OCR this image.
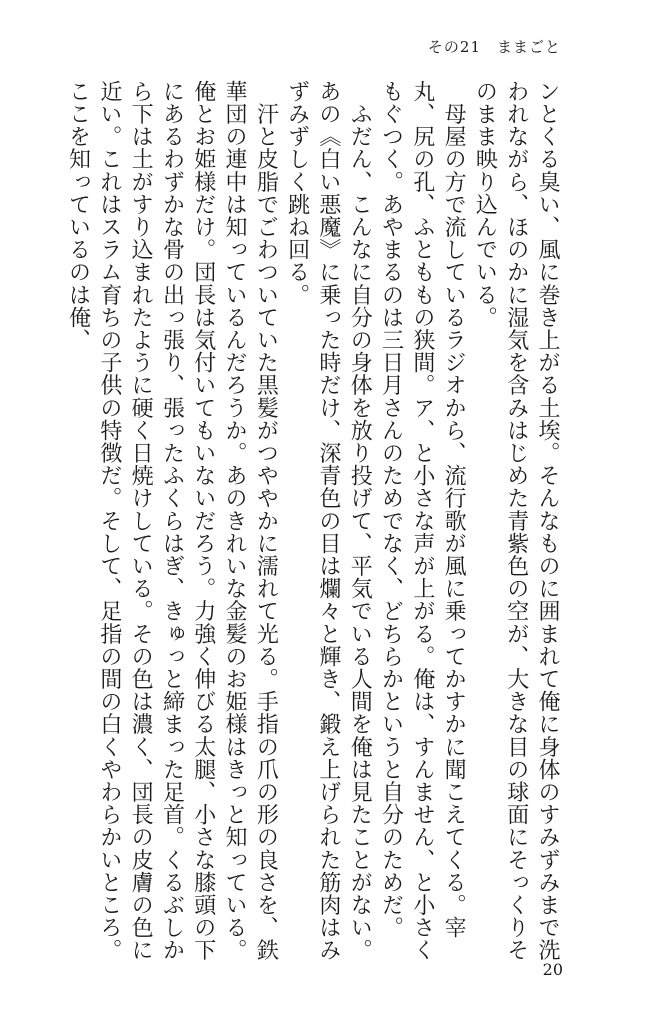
その21　ままごと

ンとくる臭い、風に巻き上がる土埃。そんなものに囲まれて俺に身体のすみずみまで洗われながら、ほのかに湿気を含みはじめた青紫色の空が、大きな目の球面にそっくりそのまま映り込んでいる。

　母屋の方で流しているラジオから、流行歌が風に乗ってかすかに聞こえてくる。宰丸、尻の孔、ふとももの狭間。ア、と小さな声が上がる。俺は、すんません、と小さくもぐつく。あやまるのは三日月さんのためでなく、どちらかというと自分のためだ。

　ふだん、こんなに自分の身体を放り投げて、平気でいる人間を俺は見たことがない。あの《白い悪魔》に乗った時だけ、深青色の目は爛々と輝き、鍛え上げられた筋肉はみずみずしく跳ね回る。

　汗と皮脂でごわついていた黒髪がつややかに濡れて光る。手指の爪の形の良さを、鉄華団の連中は知っているんだろうか。あのきれいな金髪のお姫様はきっと知っている。俺とお姫様だけ。団長は気付いてもいないだろう。力強く伸びる太腿、小さな膝頭の下にあるわずかな骨の出っ張り、張ったふくらはぎ、きゅっと締まった足首。くるぶしから下は土がすり込まれたように硬く日焼けしている。その色は濃く、団長の皮膚の色に近い。これはスラム育ちの子供の特徴だ。そして、足指の間の白くやわらかいところ。ここを知っているのは俺、

20
